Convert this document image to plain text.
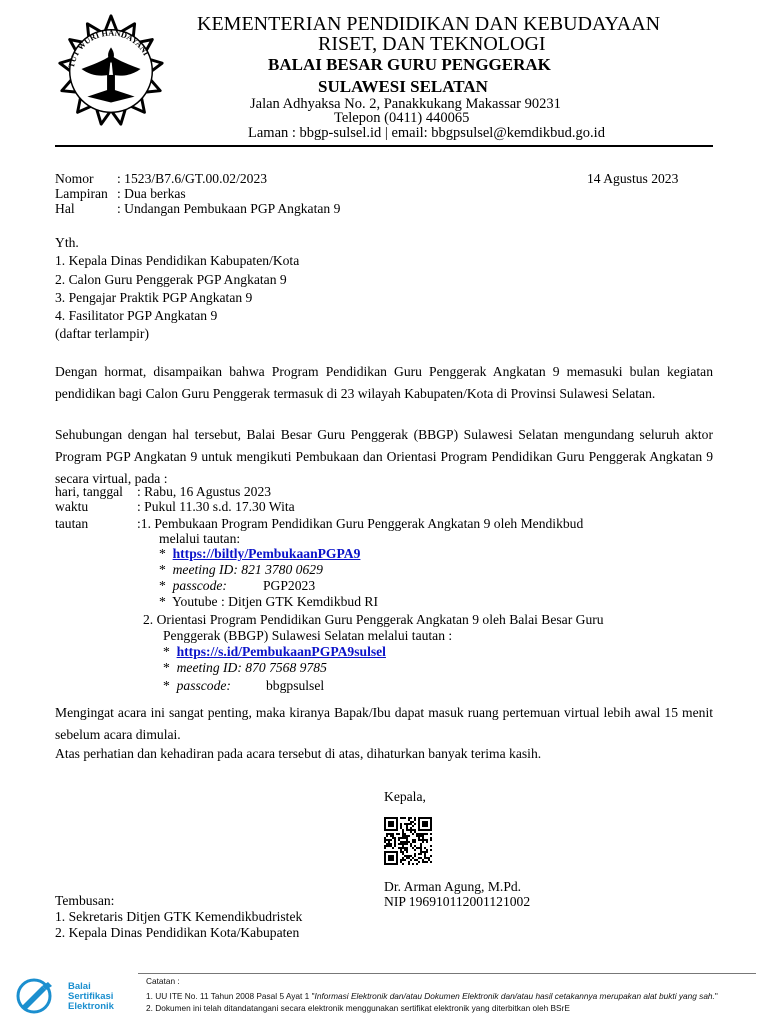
TUT WURI HANDAYANI
KEMENTERIAN PENDIDIKAN DAN KEBUDAYAAN
RISET, DAN TEKNOLOGI
BALAI BESAR GURU PENGGERAK
SULAWESI SELATAN
Jalan Adhyaksa No. 2, Panakkukang Makassar 90231
Telepon (0411) 440065
Laman : bbgp-sulsel.id | email: bbgpsulsel@kemdikbud.go.id
Nomor : 1523/B7.6/GT.00.02/2023	14 Agustus 2023
Lampiran : Dua berkas
Hal	: Undangan Pembukaan PGP Angkatan 9
Yth.
1. Kepala Dinas Pendidikan Kabupaten/Kota
2. Calon Guru Penggerak PGP Angkatan 9
3. Pengajar Praktik PGP Angkatan 9
4. Fasilitator PGP Angkatan 9
(daftar terlampir)

Dengan hormat, disampaikan bahwa Program Pendidikan Guru Penggerak Angkatan 9 memasuki bulan kegiatan pendidikan bagi Calon Guru Penggerak termasuk di 23 wilayah Kabupaten/Kota di Provinsi Sulawesi Selatan.

Sehubungan dengan hal tersebut, Balai Besar Guru Penggerak (BBGP) Sulawesi Selatan mengundang seluruh aktor Program PGP Angkatan 9 untuk mengikuti Pembukaan dan Orientasi Program Pendidikan Guru Penggerak Angkatan 9 secara virtual, pada :

hari, tanggal : Rabu, 16 Agustus 2023
waktu	: Pukul 11.30 s.d. 17.30 Wita
tautan	:1. Pembukaan Program Pendidikan Guru Penggerak Angkatan 9 oleh Mendikbud
melalui tautan:
* https://biltly/PembukaanPGPA9
* meeting ID: 821 3780 0629
* passcode:	PGP2023
* Youtube : Ditjen GTK Kemdikbud RI
2. Orientasi Program Pendidikan Guru Penggerak Angkatan 9 oleh Balai Besar Guru
Penggerak (BBGP) Sulawesi Selatan melalui tautan :
* https://s.id/PembukaanPGPA9sulsel
* meeting ID: 870 7568 9785
* passcode:	bbgpsulsel

Mengingat acara ini sangat penting, maka kiranya Bapak/Ibu dapat masuk ruang pertemuan virtual lebih awal 15 menit sebelum acara dimulai.

Atas perhatian dan kehadiran pada acara tersebut di atas, dihaturkan banyak terima kasih.
Kepala,
Dr. Arman Agung, M.Pd.
NIP 196910112001121002
Tembusan:
1. Sekretaris Ditjen GTK Kemendikbudristek
2. Kepala Dinas Pendidikan Kota/Kabupaten
Balai
Sertifikasi
Elektronik
Catatan :
1. UU ITE No. 11 Tahun 2008 Pasal 5 Ayat 1 "Informasi Elektronik dan/atau Dokumen Elektronik dan/atau hasil cetakannya merupakan alat bukti yang sah."
2. Dokumen ini telah ditandatangani secara elektronik menggunakan sertifikat elektronik yang diterbitkan oleh BSrE
